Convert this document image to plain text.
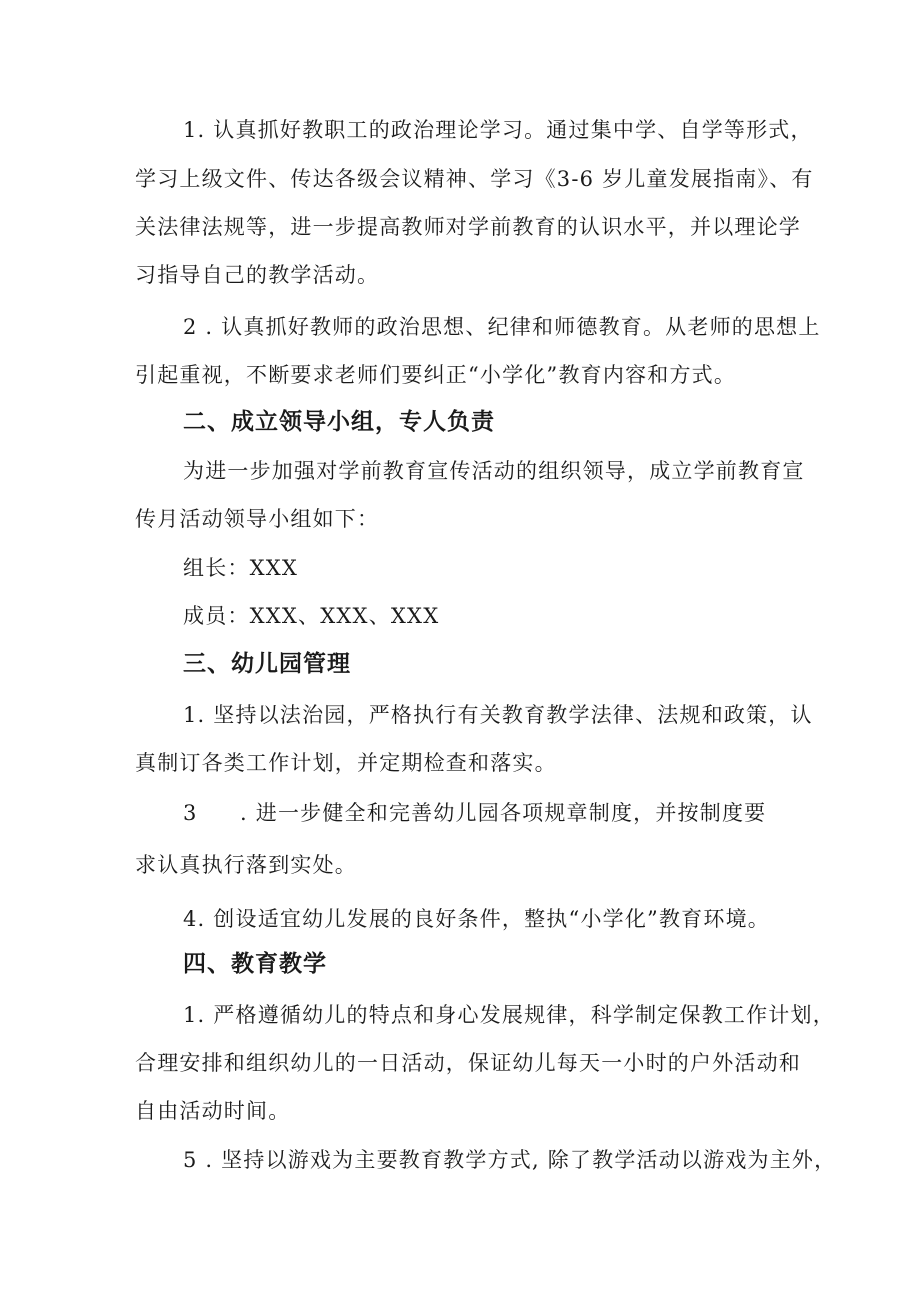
1. 认真抓好教职工的政治理论学习。通过集中学、自学等形式，
学习上级文件、传达各级会议精神、学习《3-6 岁儿童发展指南》、有
关法律法规等，进一步提高教师对学前教育的认识水平，并以理论学
习指导自己的教学活动。
2 . 认真抓好教师的政治思想、纪律和师德教育。从老师的思想上
引起重视，不断要求老师们要纠正“小学化”教育内容和方式。
二、成立领导小组，专人负责
为进一步加强对学前教育宣传活动的组织领导，成立学前教育宣
传月活动领导小组如下：
组长：XXX
成员：XXX、XXX、XXX
三、幼儿园管理
1. 坚持以法治园，严格执行有关教育教学法律、法规和政策，认
真制订各类工作计划，并定期检查和落实。
3 . 进一步健全和完善幼儿园各项规章制度，并按制度要
求认真执行落到实处。
4. 创设适宜幼儿发展的良好条件，整执“小学化”教育环境。
四、教育教学
1. 严格遵循幼儿的特点和身心发展规律，科学制定保教工作计划，
合理安排和组织幼儿的一日活动，保证幼儿每天一小时的户外活动和
自由活动时间。
5 . 坚持以游戏为主要教育教学方式, 除了教学活动以游戏为主外，
